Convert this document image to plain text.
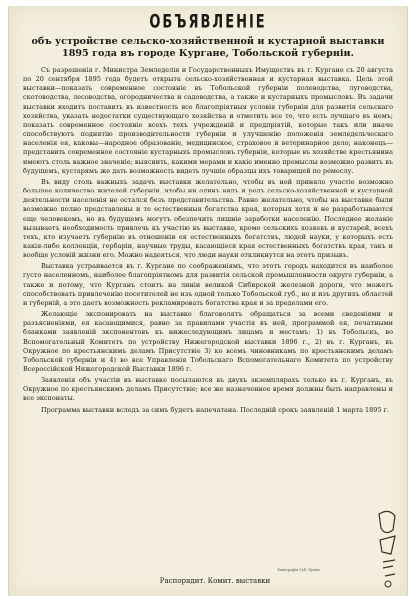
ОБЪЯВЛЕНІЕ
объ устройстве сельско-хозяйственной и кустарной выставки 1895 года въ городе Кургане, Тобольской губерніи.

Съ разрешенія г. Министра Земледелія и Государственныхъ Имуществъ въ г. Кургане съ 20 августа по 20 сентября 1895 года будетъ открыта сельско-хозяйственная и кустарная выставка. Цель этой выставки—показать современное состояніе въ Тобольской губерніи полеводства, луговодства, скотоводства, лесоводства, огородничества и садоводства, а также и кустарныхъ промысловъ. Въ задачи выставки входитъ поставить въ известность все благопріятныя условія губерніи для развитія сельскаго хозяйства, указать недостатки существующаго хозяйства и отметить все то, что есть лучшаго въ немъ; показать современное состояніе всехъ техъ учрежденій и предпріятій, которые такъ или иначе способствуютъ поднятію производительности губерніи и улучшенію положенія земледельческаго населенія ея, каковы—народное образованіе, медицинское, страховое и ветеринарное дело; наконецъ—представить современное состояніе кустарныхъ промысловъ губерніи, которые въ хозяйстве крестьянина имеютъ столь важное значеніе; выяснить, какими мерами и какіе именно промыслы возможно развить въ будущемъ, кустарямъ же дать возможность видеть лучшіе образцы ихъ товарищей по ремеслу.

Въ виду столь важныхъ задачъ выставки желательно, чтобы въ ней приняло участіе возможно деятельности населенія не остался безъ представительства. Равно желательно, чтобы на выставке были возможно полно представлены и те естественныя богатства края, которыя хотя и не разработываются еще человекомъ, но въ будущемъ могутъ обезпечить лишніе заработки населенію. Последнее желаніе вызываетъ необходимость привлечь къ участію въ выставке, кроме сельскихъ хозяевъ и кустарей, всехъ техъ, кто изучаетъ губернію въ отношеніи ея естественныхъ богатствъ, людей науки, у которыхъ есть какія-либо коллекціи, гербаріи, научные труды, касающіеся края естественныхъ богатствъ края, такъ и вообще условій жизни его. Можно надеяться, что люди науки откликнутся на этотъ призывъ.

Выставка устраивается въ г. Кургане по соображеніямъ, что этотъ городъ находится въ наиболее густо населенномъ, наиболее благопріятномъ для развитія сельской промышленности округе губерніи, а также и потому, что Курганъ стоитъ на линіи великой Сибирской железной дороги, что можетъ способствовать привлеченію посетителей не изъ одной только Тобольской губ., но и изъ другихъ областей и губерній, а это даетъ возможность рекламировать богатства края и за пределами его.

Желающіе экспонировать на выставке благоволятъ обращаться за всеми сведеніями и разъясненіями, ея касающимися, равно за правилами участія въ ней, программой ея, печатными бланками заявленій экспонентовъ къ нижеследующимъ лицамъ и местамъ: 1) въ Тобольскъ, во Вспомогательный Комитетъ по устройству Нижегородской выставки 1896 г., 2) въ г. Курганъ, въ Окружное по крестьянскимъ деламъ Присутствіе 3) ко всемъ чиновникамъ по крестьянскимъ деламъ Тобольской губерніи и 4) во все Управленія Тобольскаго Вспомогательнаго Комитета по устройству Всероссійской Нижегородской Выставки 1896 г.

Заявленія объ участіи въ выставке посылаются въ двухъ экземплярахъ только въ г. Курганъ, въ Окружное по крестьянскимъ деламъ Присутствіе; все же назначенное время должны быть направлены и все экспонаты.

Программа выставки вследъ за симъ будетъ напечатана. Последній срокъ заявленій 1 марта 1895 г.

Типографія Губ. Правл.
Распорядит. Комит. выставки
